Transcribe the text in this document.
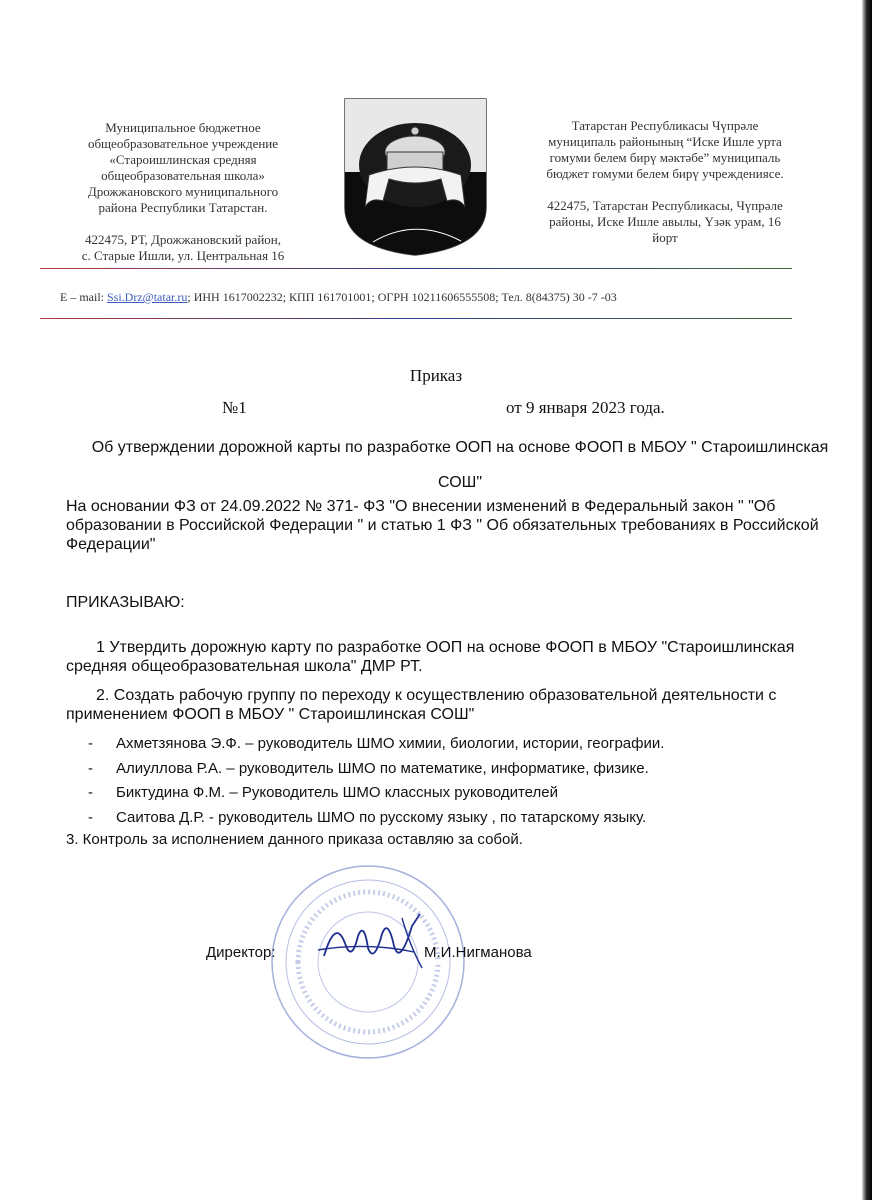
Муниципальное бюджетное
общеобразовательное учреждение
«Староишлинская средняя
общеобразовательная школа»
Дрожжановского муниципального
района Республики Татарстан.
422475, РТ, Дрожжановский район,
с. Старые Ишли, ул. Центральная 16
Татарстан Республикасы Чүпрәле
муниципаль районының “Иске Ишле урта
гомуми белем бирү мәктәбе” муниципаль
бюджет гомуми белем бирү учреждениясе.
422475, Татарстан Республикасы, Чүпрәле
районы, Иске Ишле авылы, Үзәк урам, 16
йорт
E – mail: Ssi.Drz@tatar.ru; ИНН 1617002232; КПП 161701001; ОГРН 10211606555508; Тел. 8(84375) 30 -7 -03
Приказ
№1	от 9 января 2023 года.
Об утверждении дорожной карты по разработке ООП на основе ФООП в МБОУ " Староишлинская
СОШ"
На основании ФЗ от 24.09.2022 № 371- ФЗ "О внесении изменений в Федеральный закон " "Об образовании в Российской Федерации " и статью 1 ФЗ " Об обязательных требованиях в Российской Федерации"
ПРИКАЗЫВАЮ:
1 Утвердить дорожную карту по разработке ООП на основе ФООП в МБОУ "Староишлинская средняя общеобразовательная школа" ДМР РТ.
2. Создать рабочую группу по переходу к осуществлению образовательной деятельности с применением ФООП в МБОУ " Староишлинская СОШ"
- Ахметзянова Э.Ф. – руководитель ШМО химии, биологии, истории, географии.
- Алиуллова Р.А. – руководитель ШМО по математике, информатике, физике.
- Биктудина Ф.М. – Руководитель ШМО классных руководителей
- Саитова Д.Р. - руководитель ШМО по русскому языку , по татарскому языку.
3. Контроль за исполнением данного приказа оставляю за собой.
Директор:	М.И.Нигманова
